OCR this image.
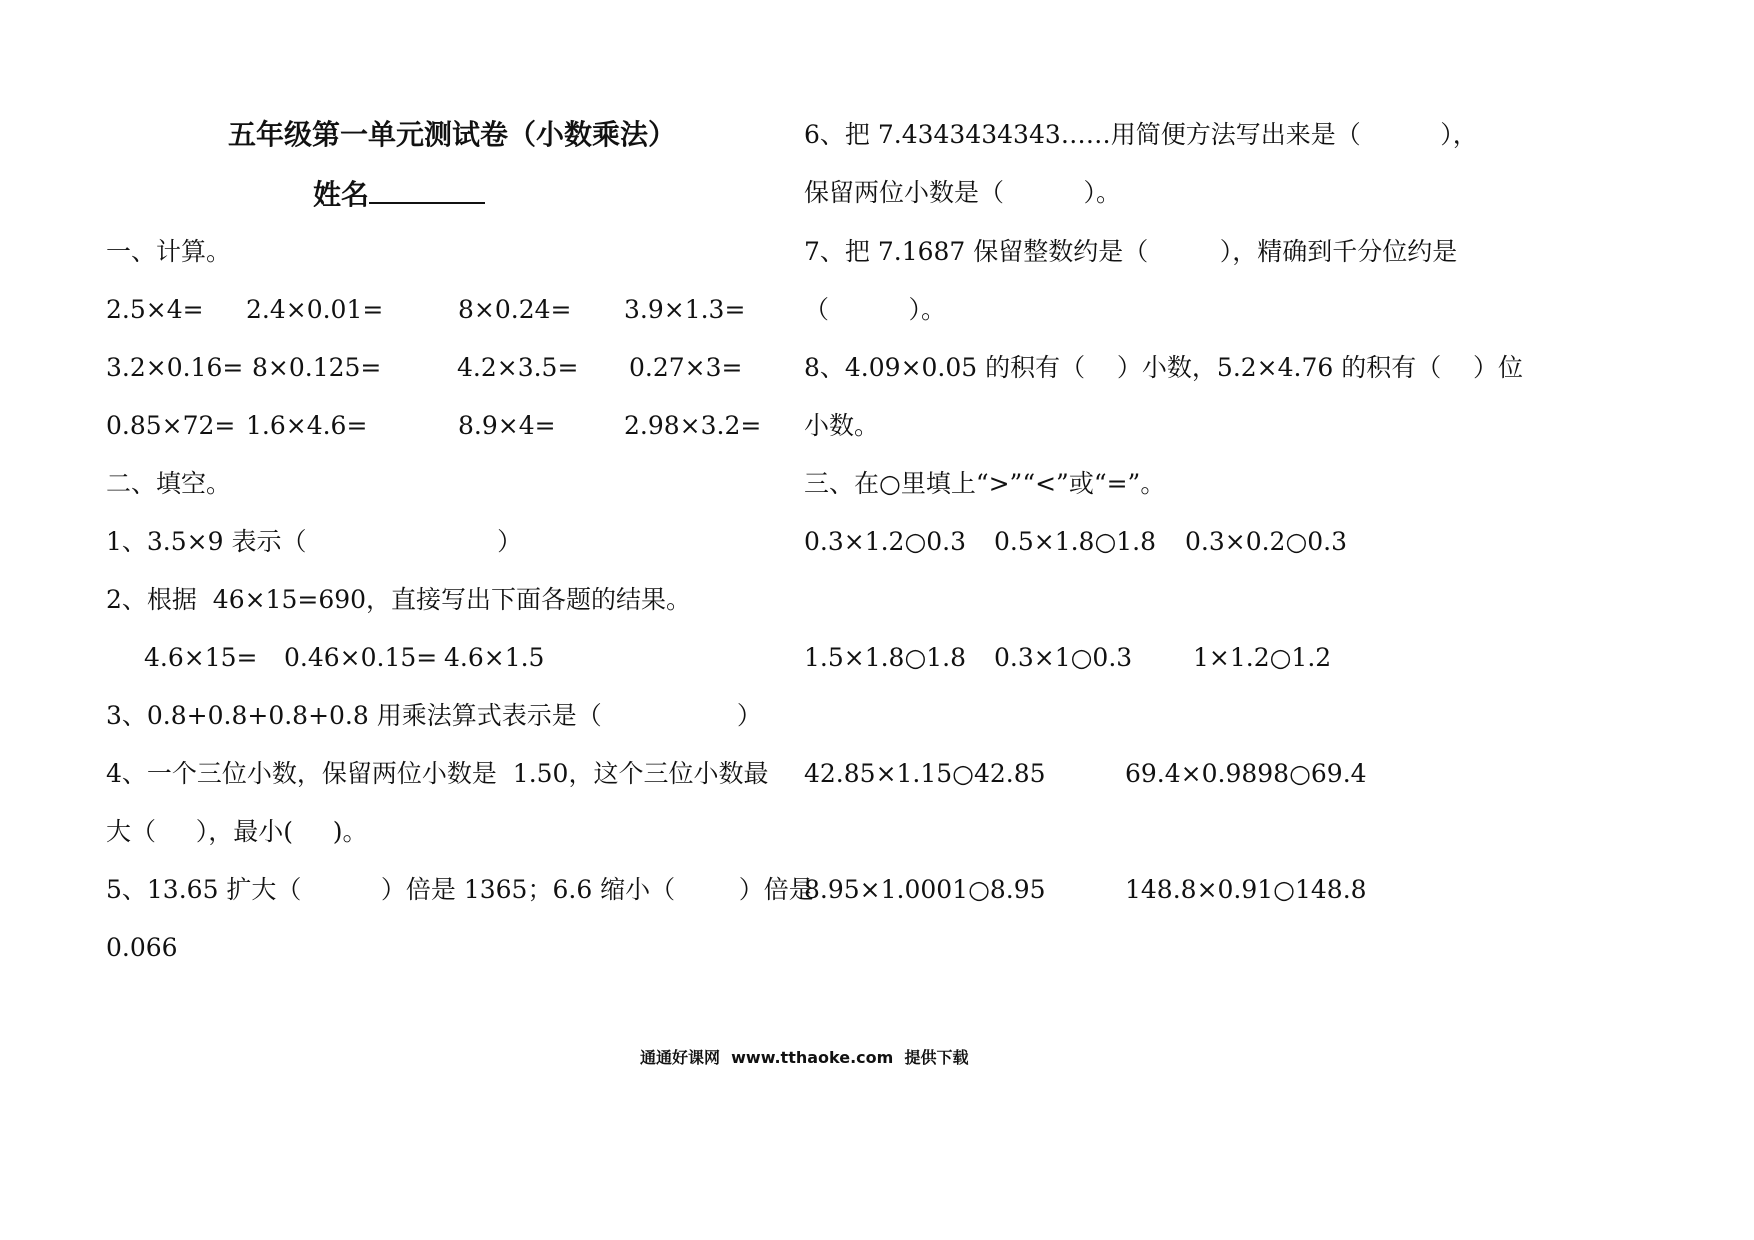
五年级第一单元测试卷（小数乘法）
姓名
一、计算。
2.5×4= 2.4×0.01=	8×0.24= 3.9×1.3=
3.2×0.16= 8×0.125=	4.2×3.5= 0.27×3=
0.85×72= 1.6×4.6=	8.9×4=	2.98×3.2=
二、填空。
1、3.5×9 表示（                        ）
2、根据  46×15=690，直接写出下面各题的结果。
4.6×15= 0.46×0.15= 4.6×1.5
3、0.8+0.8+0.8+0.8 用乘法算式表示是（                 ）
4、一个三位小数，保留两位小数是  1.50，这个三位小数最
大（     ），最小(     )。
5、13.65 扩大（          ）倍是 1365；6.6 缩小（        ）倍是
0.066
6、把 7.4343434343……用简便方法写出来是（          ），
保留两位小数是（          ）。
7、把 7.1687 保留整数约是（         ），精确到千分位约是
（          ）。
8、4.09×0.05 的积有（    ）小数，5.2×4.76 的积有（    ）位
小数。
三、在○里填上“>”“<”或“=”。
0.3×1.2○0.3 0.5×1.8○1.8 0.3×0.2○0.3
1.5×1.8○1.8 0.3×1○0.3 1×1.2○1.2
42.85×1.15○42.85	69.4×0.9898○69.4
8.95×1.0001○8.95	148.8×0.91○148.8
通通好课网  www.tthaoke.com  提供下载
